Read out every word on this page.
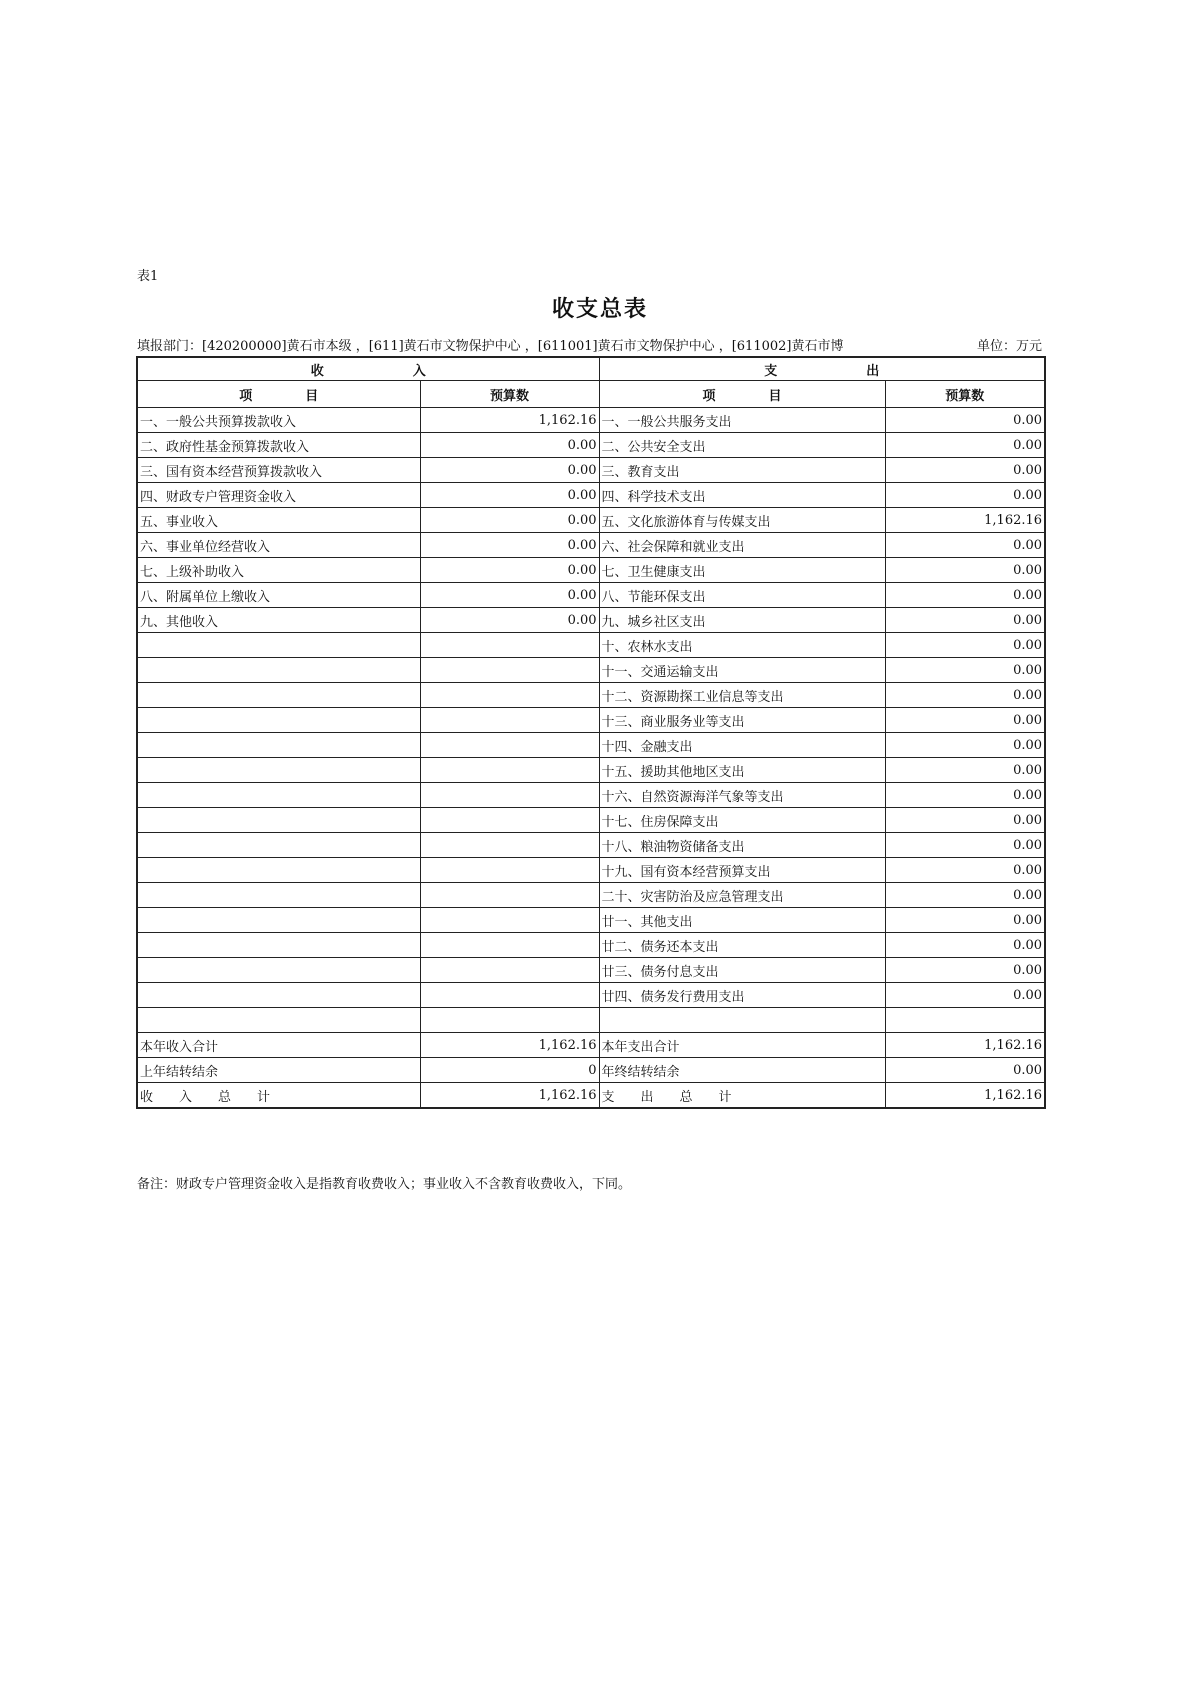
表1
收支总表
填报部门：[420200000]黄石市本级 ，[611]黄石市文物保护中心 ，[611001]黄石市文物保护中心 ，[611002]黄石市博	单位：万元
收　入		支　出	
项　目	预算数	项　目	预算数
一、一般公共预算拨款收入	1,162.16	一、一般公共服务支出	0.00
二、政府性基金预算拨款收入	0.00	二、公共安全支出	0.00
三、国有资本经营预算拨款收入	0.00	三、教育支出	0.00
四、财政专户管理资金收入	0.00	四、科学技术支出	0.00
五、事业收入	0.00	五、文化旅游体育与传媒支出	1,162.16
六、事业单位经营收入	0.00	六、社会保障和就业支出	0.00
七、上级补助收入	0.00	七、卫生健康支出	0.00
八、附属单位上缴收入	0.00	八、节能环保支出	0.00
九、其他收入	0.00	九、城乡社区支出	0.00
		十、农林水支出	0.00
		十一、交通运输支出	0.00
		十二、资源勘探工业信息等支出	0.00
		十三、商业服务业等支出	0.00
		十四、金融支出	0.00
		十五、援助其他地区支出	0.00
		十六、自然资源海洋气象等支出	0.00
		十七、住房保障支出	0.00
		十八、粮油物资储备支出	0.00
		十九、国有资本经营预算支出	0.00
		二十、灾害防治及应急管理支出	0.00
		廿一、其他支出	0.00
		廿二、债务还本支出	0.00
		廿三、债务付息支出	0.00
		廿四、债务发行费用支出	0.00

本年收入合计	1,162.16	本年支出合计	1,162.16
上年结转结余	0	年终结转结余	0.00
收　　入　　总　　计	1,162.16	支　　出　　总　　计	1,162.16
备注：财政专户管理资金收入是指教育收费收入；事业收入不含教育收费收入，下同。
